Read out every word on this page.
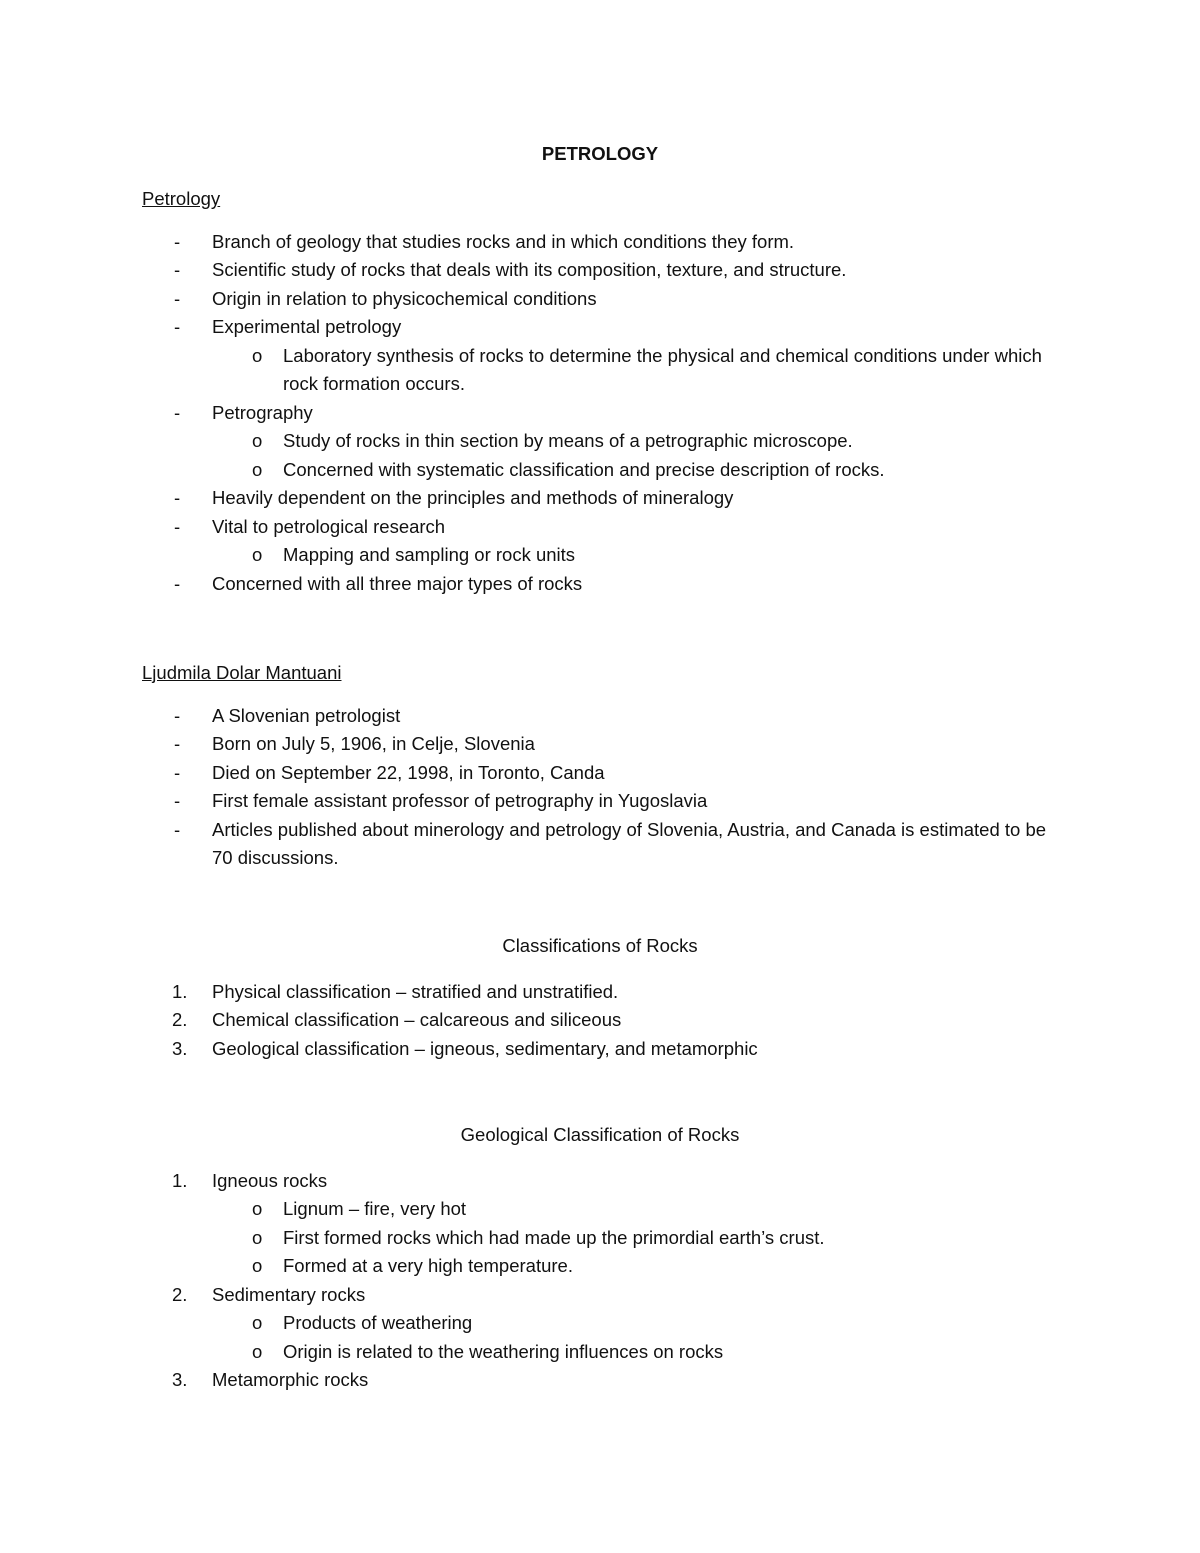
PETROLOGY
Petrology
-	Branch of geology that studies rocks and in which conditions they form.
-	Scientific study of rocks that deals with its composition, texture, and structure.
-	Origin in relation to physicochemical conditions
-	Experimental petrology
o Laboratory synthesis of rocks to determine the physical and chemical conditions under which rock formation occurs.
-	Petrography
o Study of rocks in thin section by means of a petrographic microscope.
o Concerned with systematic classification and precise description of rocks.
-	Heavily dependent on the principles and methods of mineralogy
-	Vital to petrological research
o Mapping and sampling or rock units
-	Concerned with all three major types of rocks
Ljudmila Dolar Mantuani
-	A Slovenian petrologist
-	Born on July 5, 1906, in Celje, Slovenia
-	Died on September 22, 1998, in Toronto, Canda
-	First female assistant professor of petrography in Yugoslavia
-	Articles published about minerology and petrology of Slovenia, Austria, and Canada is estimated to be 70 discussions.
Classifications of Rocks
1.	Physical classification – stratified and unstratified.
2.	Chemical classification – calcareous and siliceous
3.	Geological classification – igneous, sedimentary, and metamorphic
Geological Classification of Rocks
1.	Igneous rocks
o Lignum – fire, very hot
o First formed rocks which had made up the primordial earth’s crust.
o Formed at a very high temperature.
2.	Sedimentary rocks
o Products of weathering
o Origin is related to the weathering influences on rocks
3.	Metamorphic rocks
